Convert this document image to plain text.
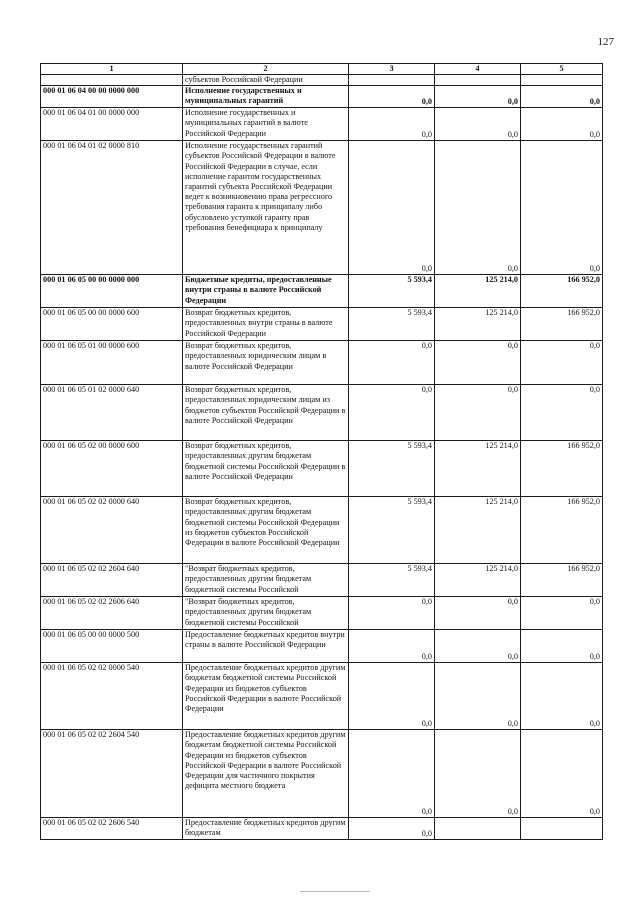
127
1	2	3	4	5
	субъектов Российской Федерации			
000 01 06 04 00 00 0000 000	Исполнение государственных и муниципальных гарантий	0,0	0,0	0,0
000 01 06 04 01 00 0000 000	Исполнение государственных и муниципальных гарантий в валюте Российской Федерации	0,0	0,0	0,0
000 01 06 04 01 02 0000 810	Исполнение государственных гарантий субъектов Российской Федерации в валюте Российской Федерации в случае, если исполнение гарантом государственных гарантий субъекта Российской Федерации ведет к возникновению права регрессного требования гаранта к принципалу либо обусловлено уступкой гаранту прав требования бенефициара к принципалу	0,0	0,0	0,0
000 01 06 05 00 00 0000 000	Бюджетные кредиты, предоставленные внутри страны в валюте Российской Федерации	5 593,4	125 214,0	166 952,0
000 01 06 05 00 00 0000 600	Возврат бюджетных кредитов, предоставленных внутри страны в валюте Российской Федерации	5 593,4	125 214,0	166 952,0
000 01 06 05 01 00 0000 600	Возврат бюджетных кредитов, предоставленных юридическим лицам в валюте Российской Федерации	0,0	0,0	0,0
000 01 06 05 01 02 0000 640	Возврат бюджетных кредитов, предоставленных юридическим лицам из бюджетов субъектов Российской Федерации в валюте Российской Федерации	0,0	0,0	0,0
000 01 06 05 02 00 0000 600	Возврат бюджетных кредитов, предоставленных другим бюджетам бюджетной системы Российской Федерации в валюте Российской Федерации	5 593,4	125 214,0	166 952,0
000 01 06 05 02 02 0000 640	Возврат бюджетных кредитов, предоставленных другим бюджетам бюджетной системы Российской Федерации из бюджетов субъектов Российской Федерации в валюте Российской Федерации	5 593,4	125 214,0	166 952,0
000 01 06 05 02 02 2604 640	"Возврат бюджетных кредитов, предоставленных другим бюджетам бюджетной системы Российской	5 593,4	125 214,0	166 952,0
000 01 06 05 02 02 2606 640	"Возврат бюджетных кредитов, предоставленных другим бюджетам бюджетной системы Российской	0,0	0,0	0,0
000 01 06 05 00 00 0000 500	Предоставление бюджетных кредитов внутри страны в валюте Российской Федерации	0,0	0,0	0,0
000 01 06 05 02 02 0000 540	Предоставление бюджетных кредитов другим бюджетам бюджетной системы Российской Федерации из бюджетов субъектов Российской Федерации в валюте Российской Федерации	0,0	0,0	0,0
000 01 06 05 02 02 2604 540	Предоставление бюджетных кредитов другим бюджетам бюджетной системы Российской Федерации из бюджетов субъектов Российской Федерации в валюте Российской Федерации для частичного покрытия дефицита местного бюджета	0,0	0,0	0,0
000 01 06 05 02 02 2606 540	Предоставление бюджетных кредитов другим бюджетам	0,0		
